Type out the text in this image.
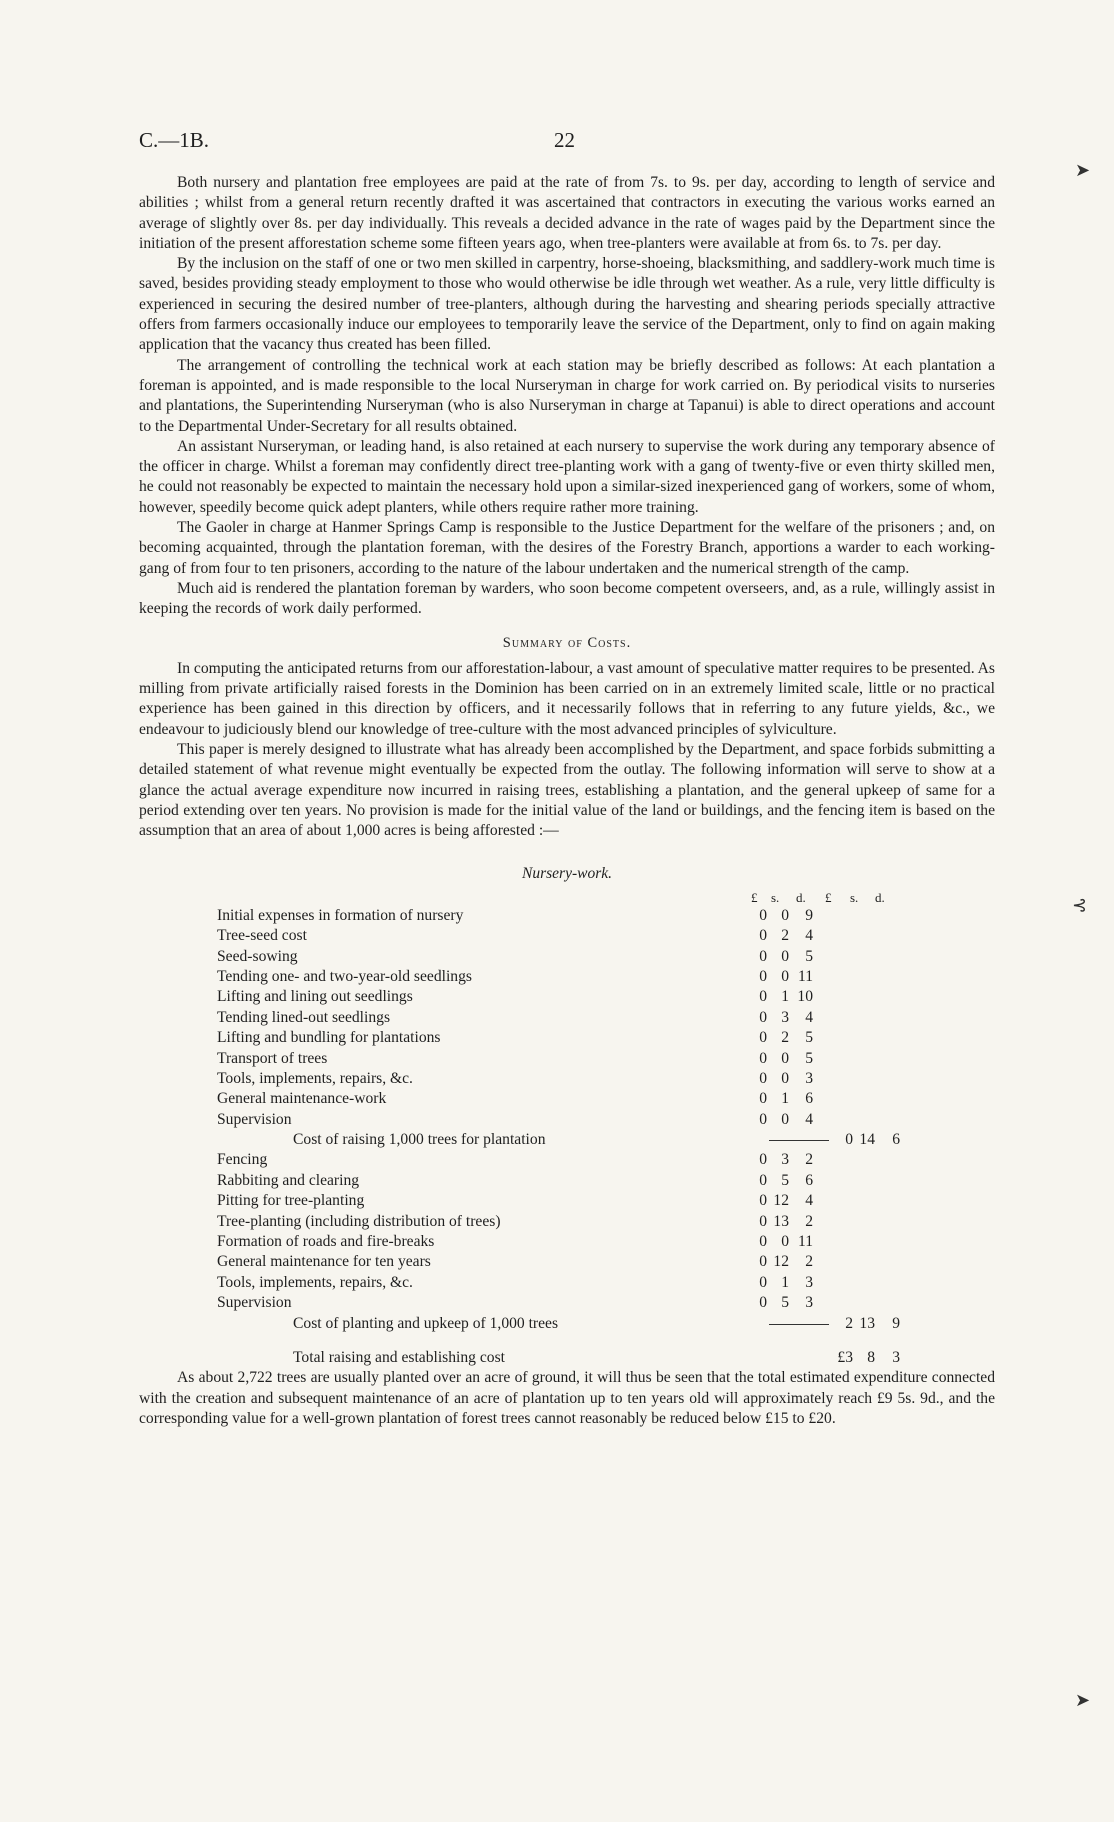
C.—1B.	22
➤
⊰
➤

Both nursery and plantation free employees are paid at the rate of from 7s. to 9s. per day, according to length of service and abilities ; whilst from a general return recently drafted it was ascertained that contractors in executing the various works earned an average of slightly over 8s. per day individually. This reveals a decided advance in the rate of wages paid by the Department since the initiation of the present afforestation scheme some fifteen years ago, when tree-planters were available at from 6s. to 7s. per day.

By the inclusion on the staff of one or two men skilled in carpentry, horse-shoeing, blacksmithing, and saddlery-work much time is saved, besides providing steady employment to those who would otherwise be idle through wet weather. As a rule, very little difficulty is experienced in securing the desired number of tree-planters, although during the harvesting and shearing periods specially attractive offers from farmers occasionally induce our employees to temporarily leave the service of the Department, only to find on again making application that the vacancy thus created has been filled.

The arrangement of controlling the technical work at each station may be briefly described as follows: At each plantation a foreman is appointed, and is made responsible to the local Nurseryman in charge for work carried on. By periodical visits to nurseries and plantations, the Superintending Nurseryman (who is also Nurseryman in charge at Tapanui) is able to direct operations and account to the Departmental Under-Secretary for all results obtained.

An assistant Nurseryman, or leading hand, is also retained at each nursery to supervise the work during any temporary absence of the officer in charge. Whilst a foreman may confidently direct tree-planting work with a gang of twenty-five or even thirty skilled men, he could not reasonably be expected to maintain the necessary hold upon a similar-sized inexperienced gang of workers, some of whom, however, speedily become quick adept planters, while others require rather more training.

The Gaoler in charge at Hanmer Springs Camp is responsible to the Justice Department for the welfare of the prisoners ; and, on becoming acquainted, through the plantation foreman, with the desires of the Forestry Branch, apportions a warder to each working-gang of from four to ten prisoners, according to the nature of the labour undertaken and the numerical strength of the camp.

Much aid is rendered the plantation foreman by warders, who soon become competent overseers, and, as a rule, willingly assist in keeping the records of work daily performed.

Summary of Costs.

In computing the anticipated returns from our afforestation-labour, a vast amount of speculative matter requires to be presented. As milling from private artificially raised forests in the Dominion has been carried on in an extremely limited scale, little or no practical experience has been gained in this direction by officers, and it necessarily follows that in referring to any future yields, &c., we endeavour to judiciously blend our knowledge of tree-culture with the most advanced principles of sylviculture.

This paper is merely designed to illustrate what has already been accomplished by the Department, and space forbids submitting a detailed statement of what revenue might eventually be expected from the outlay. The following information will serve to show at a glance the actual average expenditure now incurred in raising trees, establishing a plantation, and the general upkeep of same for a period extending over ten years. No provision is made for the initial value of the land or buildings, and the fencing item is based on the assumption that an area of about 1,000 acres is being afforested :—

Nursery-work.
£ s. d. £ s. d.
Initial expenses in formation of nursery	0 0	9
Tree-seed cost	0 2	4
Seed-sowing	0 0	5
Tending one- and two-year-old seedlings	0 0 11
Lifting and lining out seedlings	0 1 10
Tending lined-out seedlings	0 3	4
Lifting and bundling for plantations	0 2	5
Transport of trees	0 0	5
Tools, implements, repairs, &c.	0 0	3
General maintenance-work	0 1	6
Supervision	0 0	4
Cost of raising 1,000 trees for plantation	0 14	6
Fencing	0 3	2
Rabbiting and clearing	0 5	6
Pitting for tree-planting	0 12	4
Tree-planting (including distribution of trees)	0 13	2
Formation of roads and fire-breaks	0 0 11
General maintenance for ten years	0 12	2
Tools, implements, repairs, &c.	0 1	3
Supervision	0 5	3
Cost of planting and upkeep of 1,000 trees	2 13	9
Total raising and establishing cost	£3 8	3

As about 2,722 trees are usually planted over an acre of ground, it will thus be seen that the total estimated expenditure connected with the creation and subsequent maintenance of an acre of plantation up to ten years old will approximately reach £9 5s. 9d., and the corresponding value for a well-grown plantation of forest trees cannot reasonably be reduced below £15 to £20.
